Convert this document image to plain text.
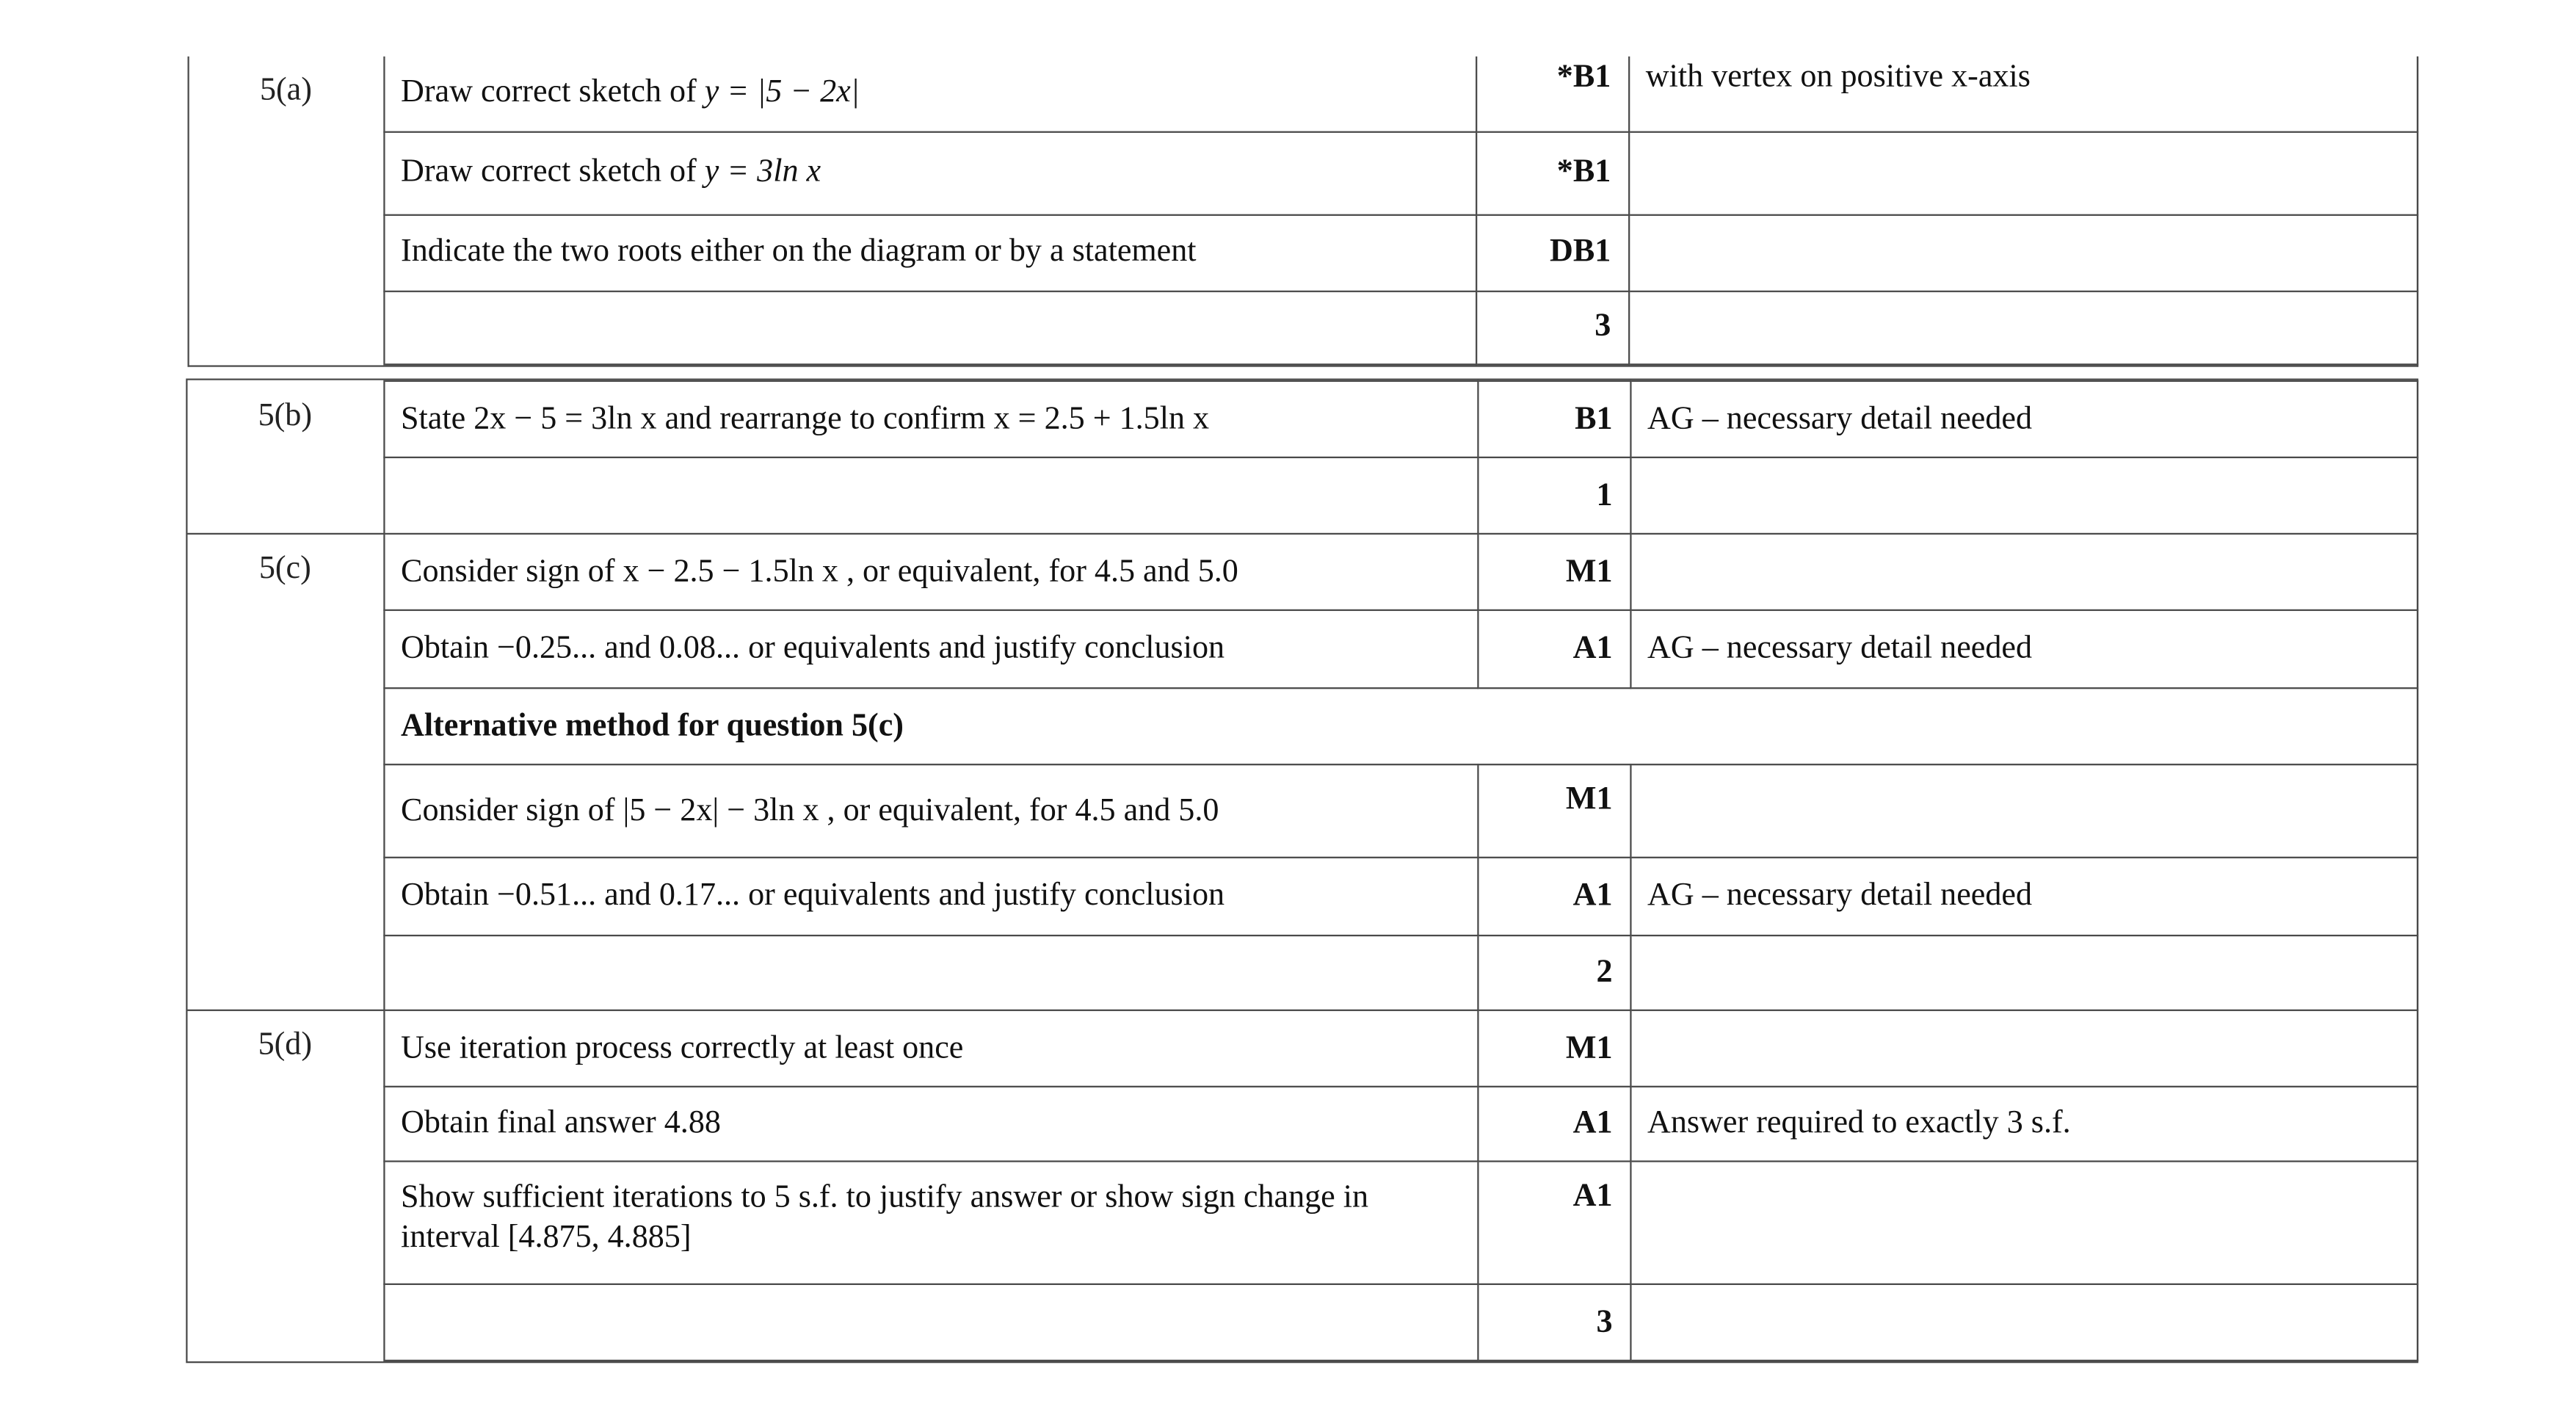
5(a)	Draw correct sketch of y = |5 − 2x|	*B1	with vertex on positive x-axis
	Draw correct sketch of y = 3ln x	*B1	
	Indicate the two roots either on the diagram or by a statement	DB1	
		3	
5(b)	State 2x − 5 = 3ln x and rearrange to confirm x = 2.5 + 1.5ln x	B1	AG – necessary detail needed
		1	
5(c)	Consider sign of x − 2.5 − 1.5ln x , or equivalent, for 4.5 and 5.0	M1	
	Obtain −0.25... and 0.08... or equivalents and justify conclusion	A1	AG – necessary detail needed
	Alternative method for question 5(c)		
	Consider sign of |5 − 2x| − 3ln x , or equivalent, for 4.5 and 5.0	M1	
	Obtain −0.51... and 0.17... or equivalents and justify conclusion	A1	AG – necessary detail needed
		2	
5(d)	Use iteration process correctly at least once	M1	
	Obtain final answer 4.88	A1	Answer required to exactly 3 s.f.
	Show sufficient iterations to 5 s.f. to justify answer or show sign change in interval [4.875, 4.885]	A1	
		3	
